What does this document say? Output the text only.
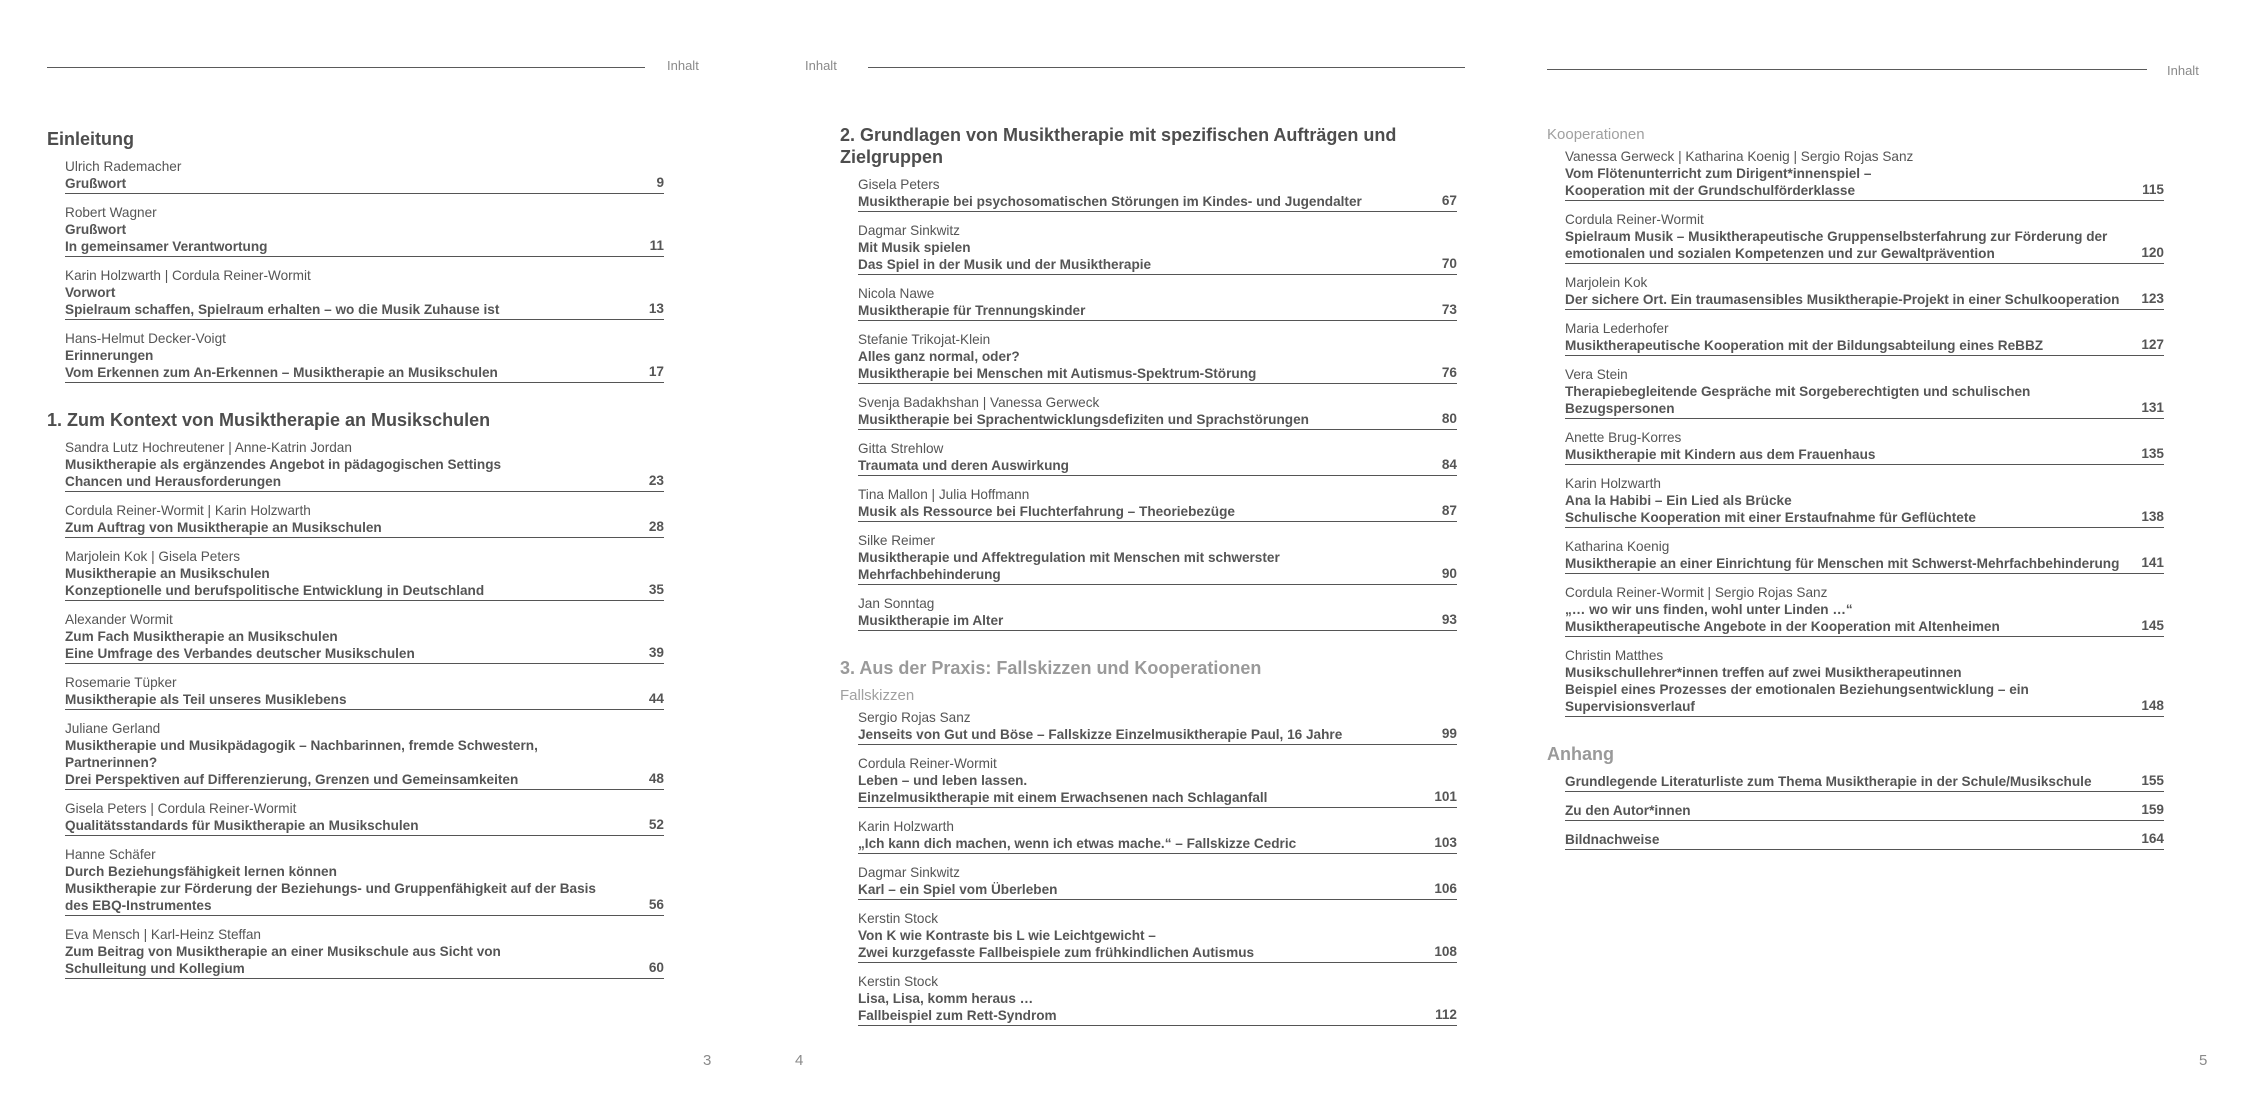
Inhalt
Einleitung
Ulrich Rademacher
Grußwort	9
Robert Wagner
Grußwort
In gemeinsamer Verantwortung	11
Karin Holzwarth | Cordula Reiner-Wormit
Vorwort
Spielraum schaffen, Spielraum erhalten – wo die Musik Zuhause ist	13
Hans-Helmut Decker-Voigt
Erinnerungen
Vom Erkennen zum An-Erkennen – Musiktherapie an Musikschulen	17
1. Zum Kontext von Musiktherapie an Musikschulen
Sandra Lutz Hochreutener | Anne-Katrin Jordan
Musiktherapie als ergänzendes Angebot in pädagogischen Settings
Chancen und Herausforderungen	23
Cordula Reiner-Wormit | Karin Holzwarth
Zum Auftrag von Musiktherapie an Musikschulen	28
Marjolein Kok | Gisela Peters
Musiktherapie an Musikschulen
Konzeptionelle und berufspolitische Entwicklung in Deutschland	35
Alexander Wormit
Zum Fach Musiktherapie an Musikschulen
Eine Umfrage des Verbandes deutscher Musikschulen	39
Rosemarie Tüpker
Musiktherapie als Teil unseres Musiklebens	44
Juliane Gerland
Musiktherapie und Musikpädagogik – Nachbarinnen, fremde Schwestern, Partnerinnen?
Drei Perspektiven auf Differenzierung, Grenzen und Gemeinsamkeiten	48
Gisela Peters | Cordula Reiner-Wormit
Qualitätsstandards für Musiktherapie an Musikschulen	52
Hanne Schäfer
Durch Beziehungsfähigkeit lernen können
Musiktherapie zur Förderung der Beziehungs- und Gruppenfähigkeit auf der Basis
des EBQ-Instrumentes	56
Eva Mensch | Karl-Heinz Steffan
Zum Beitrag von Musiktherapie an einer Musikschule aus Sicht von
Schulleitung und Kollegium	60
3
Inhalt
4
2. Grundlagen von Musiktherapie mit spezifischen Aufträgen und Zielgruppen
Gisela Peters
Musiktherapie bei psychosomatischen Störungen im Kindes- und Jugendalter	67
Dagmar Sinkwitz
Mit Musik spielen
Das Spiel in der Musik und der Musiktherapie	70
Nicola Nawe
Musiktherapie für Trennungskinder	73
Stefanie Trikojat-Klein
Alles ganz normal, oder?
Musiktherapie bei Menschen mit Autismus-Spektrum-Störung	76
Svenja Badakhshan | Vanessa Gerweck
Musiktherapie bei Sprachentwicklungsdefiziten und Sprachstörungen	80
Gitta Strehlow
Traumata und deren Auswirkung	84
Tina Mallon | Julia Hoffmann
Musik als Ressource bei Fluchterfahrung – Theoriebezüge	87
Silke Reimer
Musiktherapie und Affektregulation mit Menschen mit schwerster Mehrfachbehinderung	90
Jan Sonntag
Musiktherapie im Alter	93
3. Aus der Praxis: Fallskizzen und Kooperationen
Fallskizzen
Sergio Rojas Sanz
Jenseits von Gut und Böse – Fallskizze Einzelmusiktherapie Paul, 16 Jahre	99
Cordula Reiner-Wormit
Leben – und leben lassen.
Einzelmusiktherapie mit einem Erwachsenen nach Schlaganfall	101
Karin Holzwarth
„Ich kann dich machen, wenn ich etwas mache.“ – Fallskizze Cedric	103
Dagmar Sinkwitz
Karl – ein Spiel vom Überleben	106
Kerstin Stock
Von K wie Kontraste bis L wie Leichtgewicht –
Zwei kurzgefasste Fallbeispiele zum frühkindlichen Autismus	108
Kerstin Stock
Lisa, Lisa, komm heraus …
Fallbeispiel zum Rett-Syndrom	112
Inhalt
5
Kooperationen
Vanessa Gerweck | Katharina Koenig | Sergio Rojas Sanz
Vom Flötenunterricht zum Dirigent*innenspiel –
Kooperation mit der Grundschulförderklasse	115
Cordula Reiner-Wormit
Spielraum Musik – Musiktherapeutische Gruppenselbsterfahrung zur Förderung der
emotionalen und sozialen Kompetenzen und zur Gewaltprävention	120
Marjolein Kok
Der sichere Ort. Ein traumasensibles Musiktherapie-Projekt in einer Schulkooperation	123
Maria Lederhofer
Musiktherapeutische Kooperation mit der Bildungsabteilung eines ReBBZ	127
Vera Stein
Therapiebegleitende Gespräche mit Sorgeberechtigten und schulischen Bezugspersonen	131
Anette Brug-Korres
Musiktherapie mit Kindern aus dem Frauenhaus	135
Karin Holzwarth
Ana la Habibi – Ein Lied als Brücke
Schulische Kooperation mit einer Erstaufnahme für Geflüchtete	138
Katharina Koenig
Musiktherapie an einer Einrichtung für Menschen mit Schwerst-Mehrfachbehinderung	141
Cordula Reiner-Wormit | Sergio Rojas Sanz
„… wo wir uns finden, wohl unter Linden …“
Musiktherapeutische Angebote in der Kooperation mit Altenheimen	145
Christin Matthes
Musikschullehrer*innen treffen auf zwei Musiktherapeutinnen
Beispiel eines Prozesses der emotionalen Beziehungsentwicklung – ein Supervisionsverlauf	148
Anhang
Grundlegende Literaturliste zum Thema Musiktherapie in der Schule/Musikschule	155
Zu den Autor*innen	159
Bildnachweise	164
